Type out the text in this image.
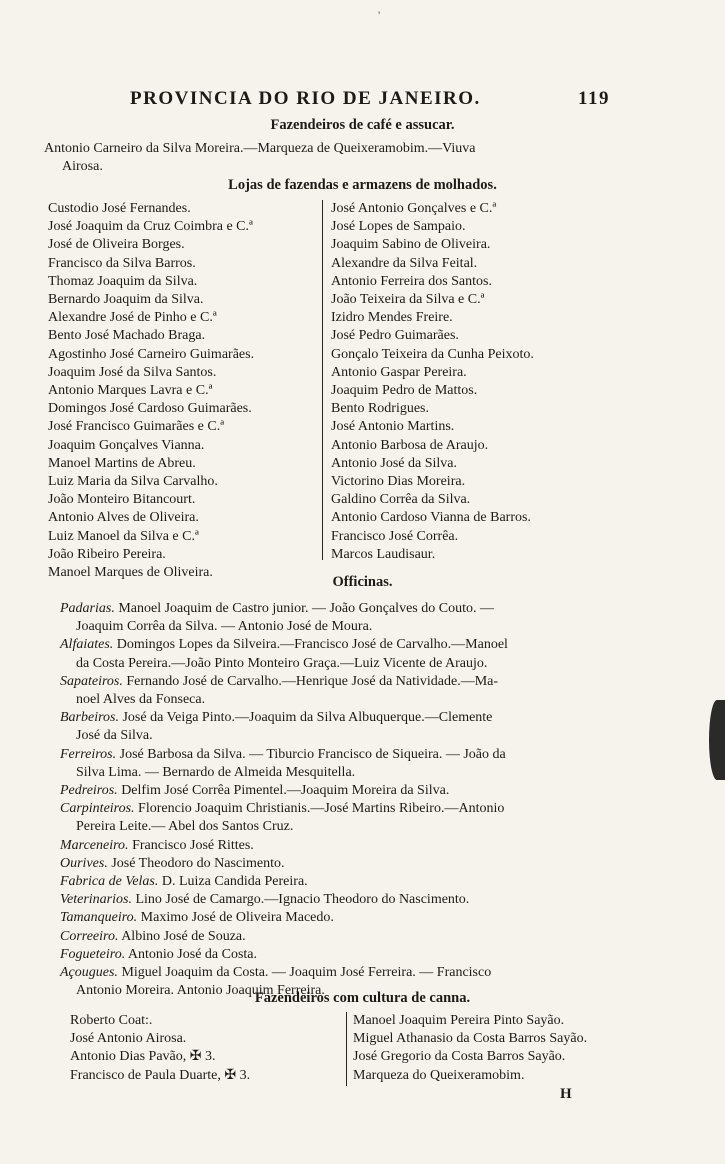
'
PROVINCIA DO RIO DE JANEIRO.	119
Fazendeiros de café e assucar.
Antonio Carneiro da Silva Moreira.—Marqueza de Queixeramobim.—Viuva
Airosa.
Lojas de fazendas e armazens de molhados.
Custodio José Fernandes.
José Joaquim da Cruz Coimbra e C.ª
José de Oliveira Borges.
Francisco da Silva Barros.
Thomaz Joaquim da Silva.
Bernardo Joaquim da Silva.
Alexandre José de Pinho e C.ª
Bento José Machado Braga.
Agostinho José Carneiro Guimarães.
Joaquim José da Silva Santos.
Antonio Marques Lavra e C.ª
Domingos José Cardoso Guimarães.
José Francisco Guimarães e C.ª
Joaquim Gonçalves Vianna.
Manoel Martins de Abreu.
Luiz Maria da Silva Carvalho.
João Monteiro Bitancourt.
Antonio Alves de Oliveira.
Luiz Manoel da Silva e C.ª
João Ribeiro Pereira.
Manoel Marques de Oliveira.
José Antonio Gonçalves e C.ª
José Lopes de Sampaio.
Joaquim Sabino de Oliveira.
Alexandre da Silva Feital.
Antonio Ferreira dos Santos.
João Teixeira da Silva e C.ª
Izidro Mendes Freire.
José Pedro Guimarães.
Gonçalo Teixeira da Cunha Peixoto.
Antonio Gaspar Pereira.
Joaquim Pedro de Mattos.
Bento Rodrigues.
José Antonio Martins.
Antonio Barbosa de Araujo.
Antonio José da Silva.
Victorino Dias Moreira.
Galdino Corrêa da Silva.
Antonio Cardoso Vianna de Barros.
Francisco José Corrêa.
Marcos Laudisaur.
Officinas.
Padarias. Manoel Joaquim de Castro junior. — João Gonçalves do Couto. —
Joaquim Corrêa da Silva. — Antonio José de Moura.
Alfaiates. Domingos Lopes da Silveira.—Francisco José de Carvalho.—Manoel
da Costa Pereira.—João Pinto Monteiro Graça.—Luiz Vicente de Araujo.
Sapateiros. Fernando José de Carvalho.—Henrique José da Natividade.—Ma-
noel Alves da Fonseca.
Barbeiros. José da Veiga Pinto.—Joaquim da Silva Albuquerque.—Clemente
José da Silva.
Ferreiros. José Barbosa da Silva. — Tiburcio Francisco de Siqueira. — João da
Silva Lima. — Bernardo de Almeida Mesquitella.
Pedreiros. Delfim José Corrêa Pimentel.—Joaquim Moreira da Silva.
Carpinteiros. Florencio Joaquim Christianis.—José Martins Ribeiro.—Antonio
Pereira Leite.— Abel dos Santos Cruz.
Marceneiro. Francisco José Rittes.
Ourives. José Theodoro do Nascimento.
Fabrica de Velas. D. Luiza Candida Pereira.
Veterinarios. Lino José de Camargo.—Ignacio Theodoro do Nascimento.
Tamanqueiro. Maximo José de Oliveira Macedo.
Correeiro. Albino José de Souza.
Fogueteiro. Antonio José da Costa.
Açougues. Miguel Joaquim da Costa. — Joaquim José Ferreira. — Francisco
Antonio Moreira. Antonio Joaquim Ferreira.
Fazendeiros com cultura de canna.
Roberto Coat:.
José Antonio Airosa.
Antonio Dias Pavão, ✠ 3.
Francisco de Paula Duarte, ✠ 3.
Manoel Joaquim Pereira Pinto Sayão.
Miguel Athanasio da Costa Barros Sayão.
José Gregorio da Costa Barros Sayão.
Marqueza do Queixeramobim.
H
